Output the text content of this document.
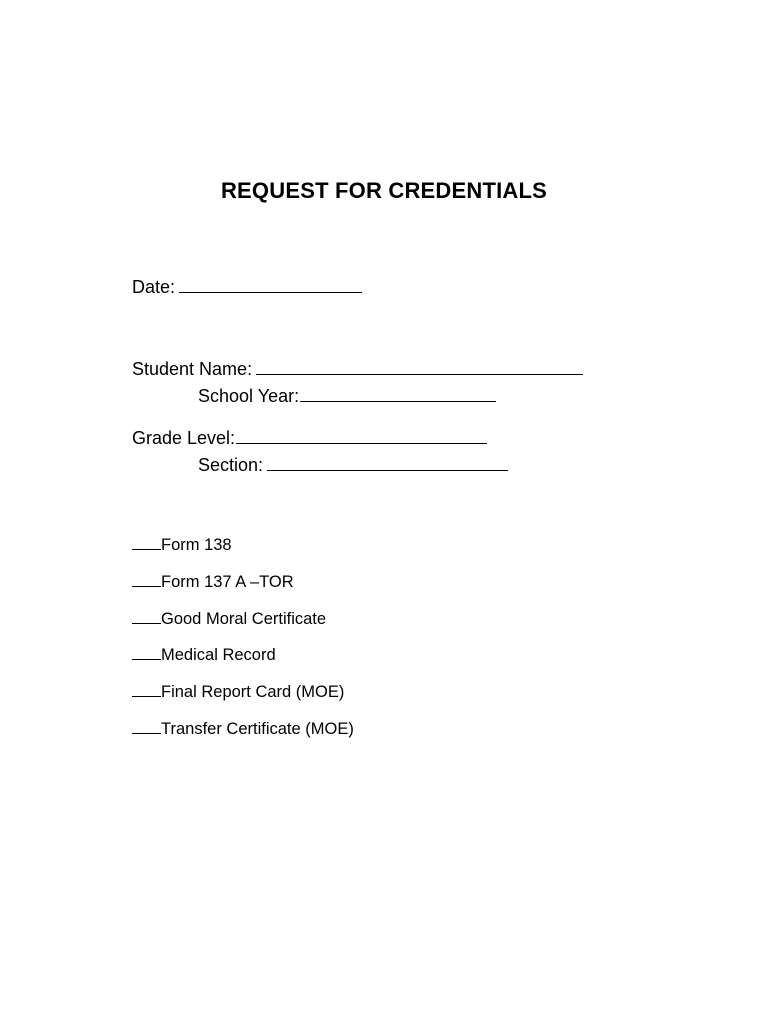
REQUEST FOR CREDENTIALS
Date:
Student Name:
School Year:
Grade Level:
Section:
Form 138
Form 137 A –TOR
Good Moral Certificate
Medical Record
Final Report Card (MOE)
Transfer Certificate (MOE)
